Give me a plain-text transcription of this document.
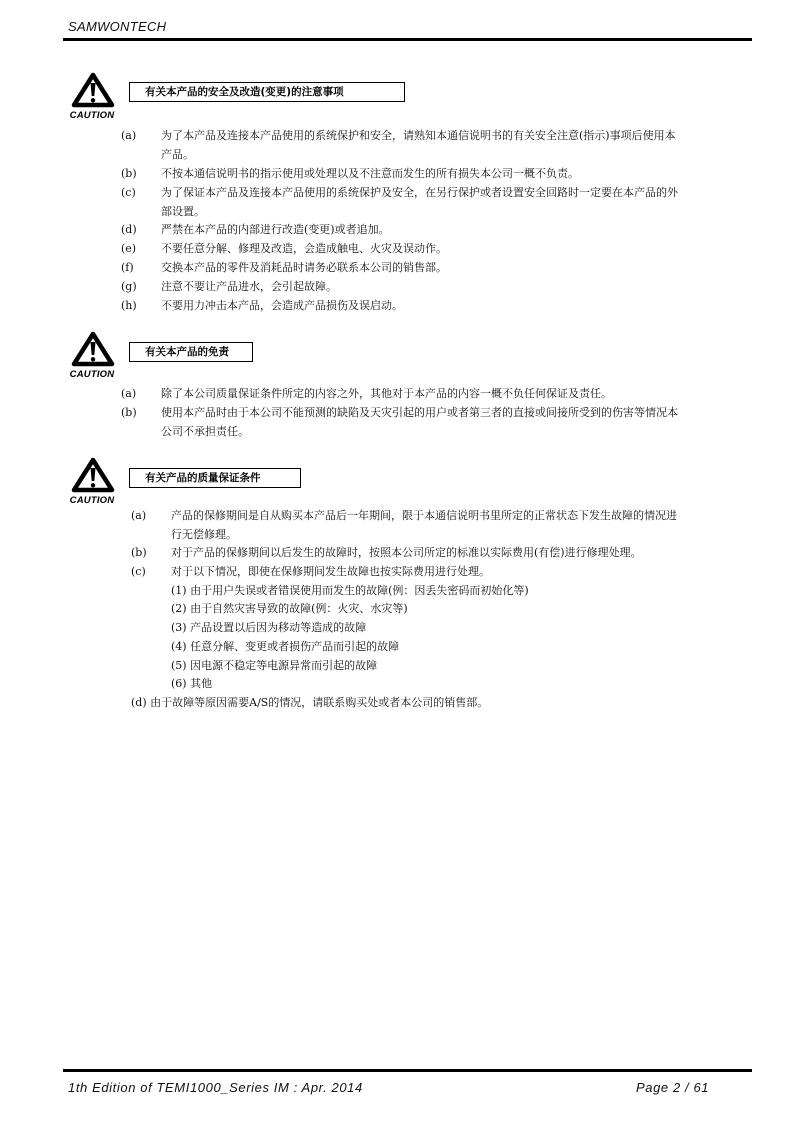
SAMWONTECH
CAUTION
有关本产品的安全及改造(变更)的注意事项
(a) 为了本产品及连接本产品使用的系统保护和安全，请熟知本通信说明书的有关安全注意(指示)事项后使用本
产品。
(b) 不按本通信说明书的指示使用或处理以及不注意而发生的所有损失本公司一概不负责。
(c) 为了保证本产品及连接本产品使用的系统保护及安全，在另行保护或者设置安全回路时一定要在本产品的外
部设置。
(d) 严禁在本产品的内部进行改造(变更)或者追加。
(e) 不要任意分解、修理及改造，会造成触电、火灾及误动作。
(f) 交换本产品的零件及消耗品时请务必联系本公司的销售部。
(g) 注意不要让产品进水，会引起故障。
(h) 不要用力冲击本产品，会造成产品损伤及误启动。
CAUTION
有关本产品的免责
(a) 除了本公司质量保证条件所定的内容之外，其他对于本产品的内容一概不负任何保证及责任。
(b) 使用本产品时由于本公司不能预测的缺陷及天灾引起的用户或者第三者的直接或间接所受到的伤害等情况本
公司不承担责任。
CAUTION
有关产品的质量保证条件
(a) 产品的保修期间是自从购买本产品后一年期间，限于本通信说明书里所定的正常状态下发生故障的情况进
行无偿修理。
(b) 对于产品的保修期间以后发生的故障时，按照本公司所定的标准以实际费用(有偿)进行修理处理。
(c) 对于以下情况，即使在保修期间发生故障也按实际费用进行处理。
(1) 由于用户失误或者错误使用而发生的故障(例：因丢失密码而初始化等)
(2) 由于自然灾害导致的故障(例：火灾、水灾等)
(3) 产品设置以后因为移动等造成的故障
(4) 任意分解、变更或者损伤产品而引起的故障
(5) 因电源不稳定等电源异常而引起的故障
(6) 其他
(d) 由于故障等原因需要A/S的情况，请联系购买处或者本公司的销售部。
1th Edition of TEMI1000_Series IM : Apr. 2014	Page 2 / 61
